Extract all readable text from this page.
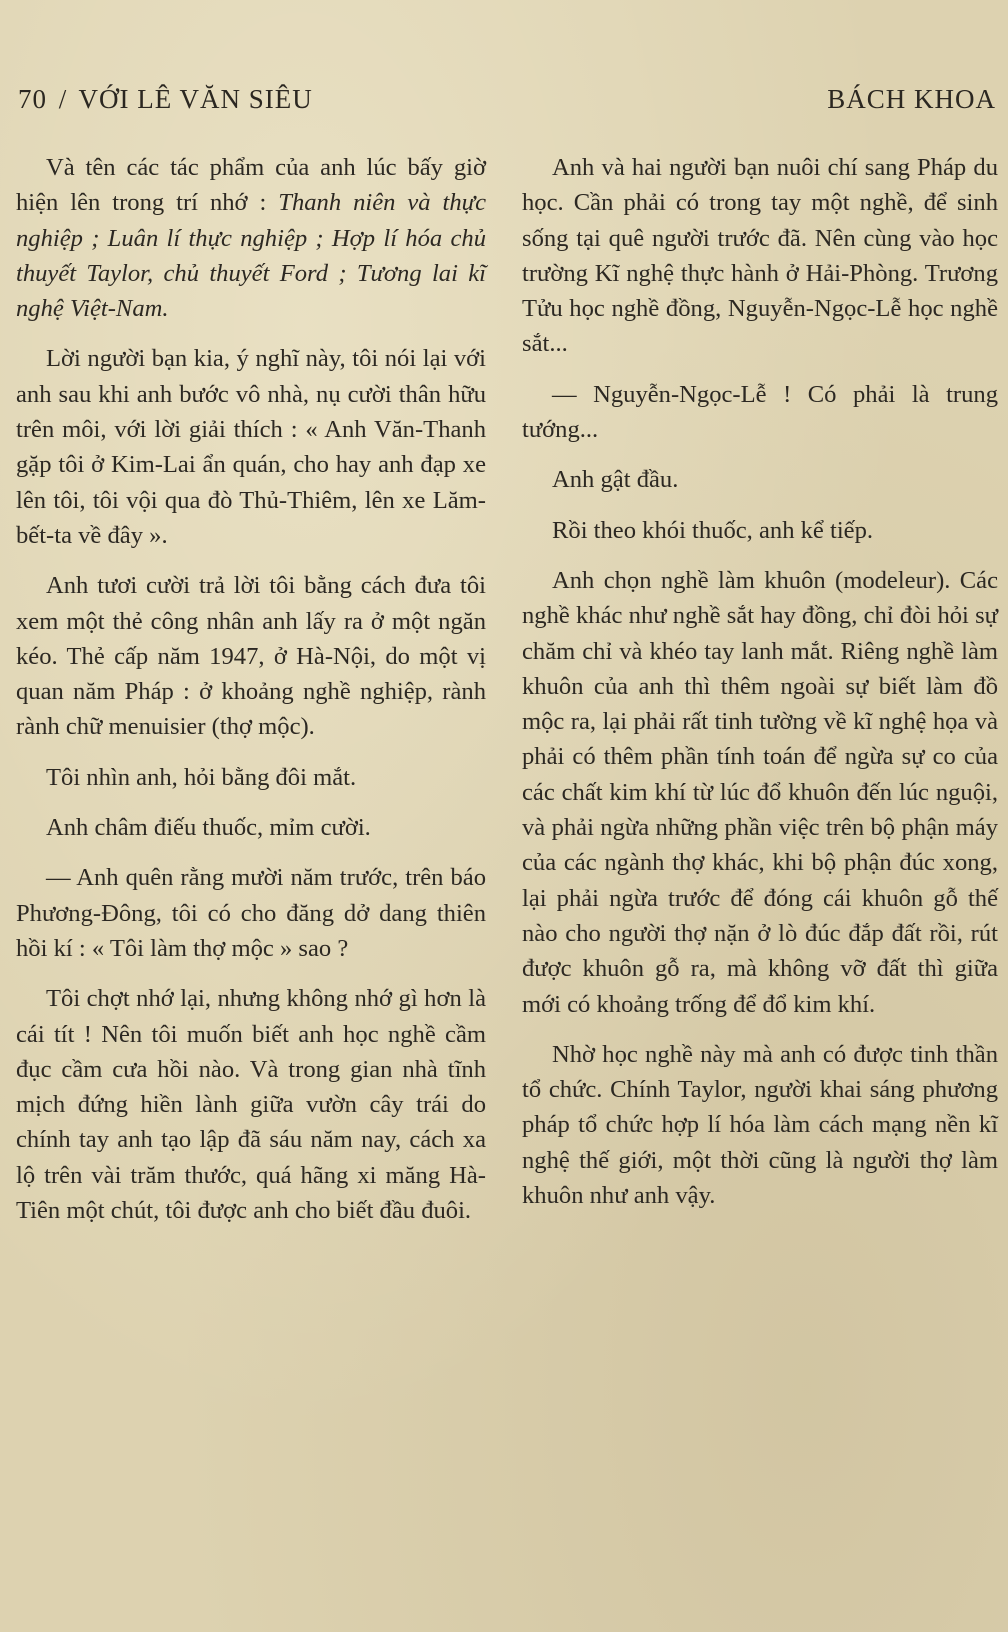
70 / VỚI LÊ VĂN SIÊU	BÁCH KHOA

Và tên các tác phẩm của anh lúc bấy giờ hiện lên trong trí nhớ : Thanh niên và thực nghiệp ; Luân lí thực nghiệp ; Hợp lí hóa chủ thuyết Taylor, chủ thuyết Ford ; Tương lai kĩ nghệ Việt-Nam.

Lời người bạn kia, ý nghĩ này, tôi nói lại với anh sau khi anh bước vô nhà, nụ cười thân hữu trên môi, với lời giải thích : « Anh Văn-Thanh gặp tôi ở Kim-Lai ẩn quán, cho hay anh đạp xe lên tôi, tôi vội qua đò Thủ-Thiêm, lên xe Lăm-bết-ta về đây ».

Anh tươi cười trả lời tôi bằng cách đưa tôi xem một thẻ công nhân anh lấy ra ở một ngăn kéo. Thẻ cấp năm 1947, ở Hà-Nội, do một vị quan năm Pháp : ở khoảng nghề nghiệp, rành rành chữ menuisier (thợ mộc).

Tôi nhìn anh, hỏi bằng đôi mắt.

Anh châm điếu thuốc, mỉm cười.

— Anh quên rằng mười năm trước, trên báo Phương-Đông, tôi có cho đăng dở dang thiên hồi kí : « Tôi làm thợ mộc » sao ?

Tôi chợt nhớ lại, nhưng không nhớ gì hơn là cái tít ! Nên tôi muốn biết anh học nghề cầm đục cầm cưa hồi nào. Và trong gian nhà tĩnh mịch đứng hiền lành giữa vườn cây trái do chính tay anh tạo lập đã sáu năm nay, cách xa lộ trên vài trăm thước, quá hãng xi măng Hà-Tiên một chút, tôi được anh cho biết đầu đuôi.

Anh và hai người bạn nuôi chí sang Pháp du học. Cần phải có trong tay một nghề, để sinh sống tại quê người trước đã. Nên cùng vào học trường Kĩ nghệ thực hành ở Hải-Phòng. Trương Tửu học nghề đồng, Nguyễn-Ngọc-Lễ học nghề sắt...

— Nguyễn-Ngọc-Lễ ! Có phải là trung tướng...

Anh gật đầu.

Rồi theo khói thuốc, anh kể tiếp.

Anh chọn nghề làm khuôn (modeleur). Các nghề khác như nghề sắt hay đồng, chỉ đòi hỏi sự chăm chỉ và khéo tay lanh mắt. Riêng nghề làm khuôn của anh thì thêm ngoài sự biết làm đồ mộc ra, lại phải rất tinh tường về kĩ nghệ họa và phải có thêm phần tính toán để ngừa sự co của các chất kim khí từ lúc đổ khuôn đến lúc nguội, và phải ngừa những phần việc trên bộ phận máy của các ngành thợ khác, khi bộ phận đúc xong, lại phải ngừa trước để đóng cái khuôn gỗ thế nào cho người thợ nặn ở lò đúc đắp đất rồi, rút được khuôn gỗ ra, mà không vỡ đất thì giữa mới có khoảng trống để đổ kim khí.

Nhờ học nghề này mà anh có được tinh thần tổ chức. Chính Taylor, người khai sáng phương pháp tổ chức hợp lí hóa làm cách mạng nền kĩ nghệ thế giới, một thời cũng là người thợ làm khuôn như anh vậy.
